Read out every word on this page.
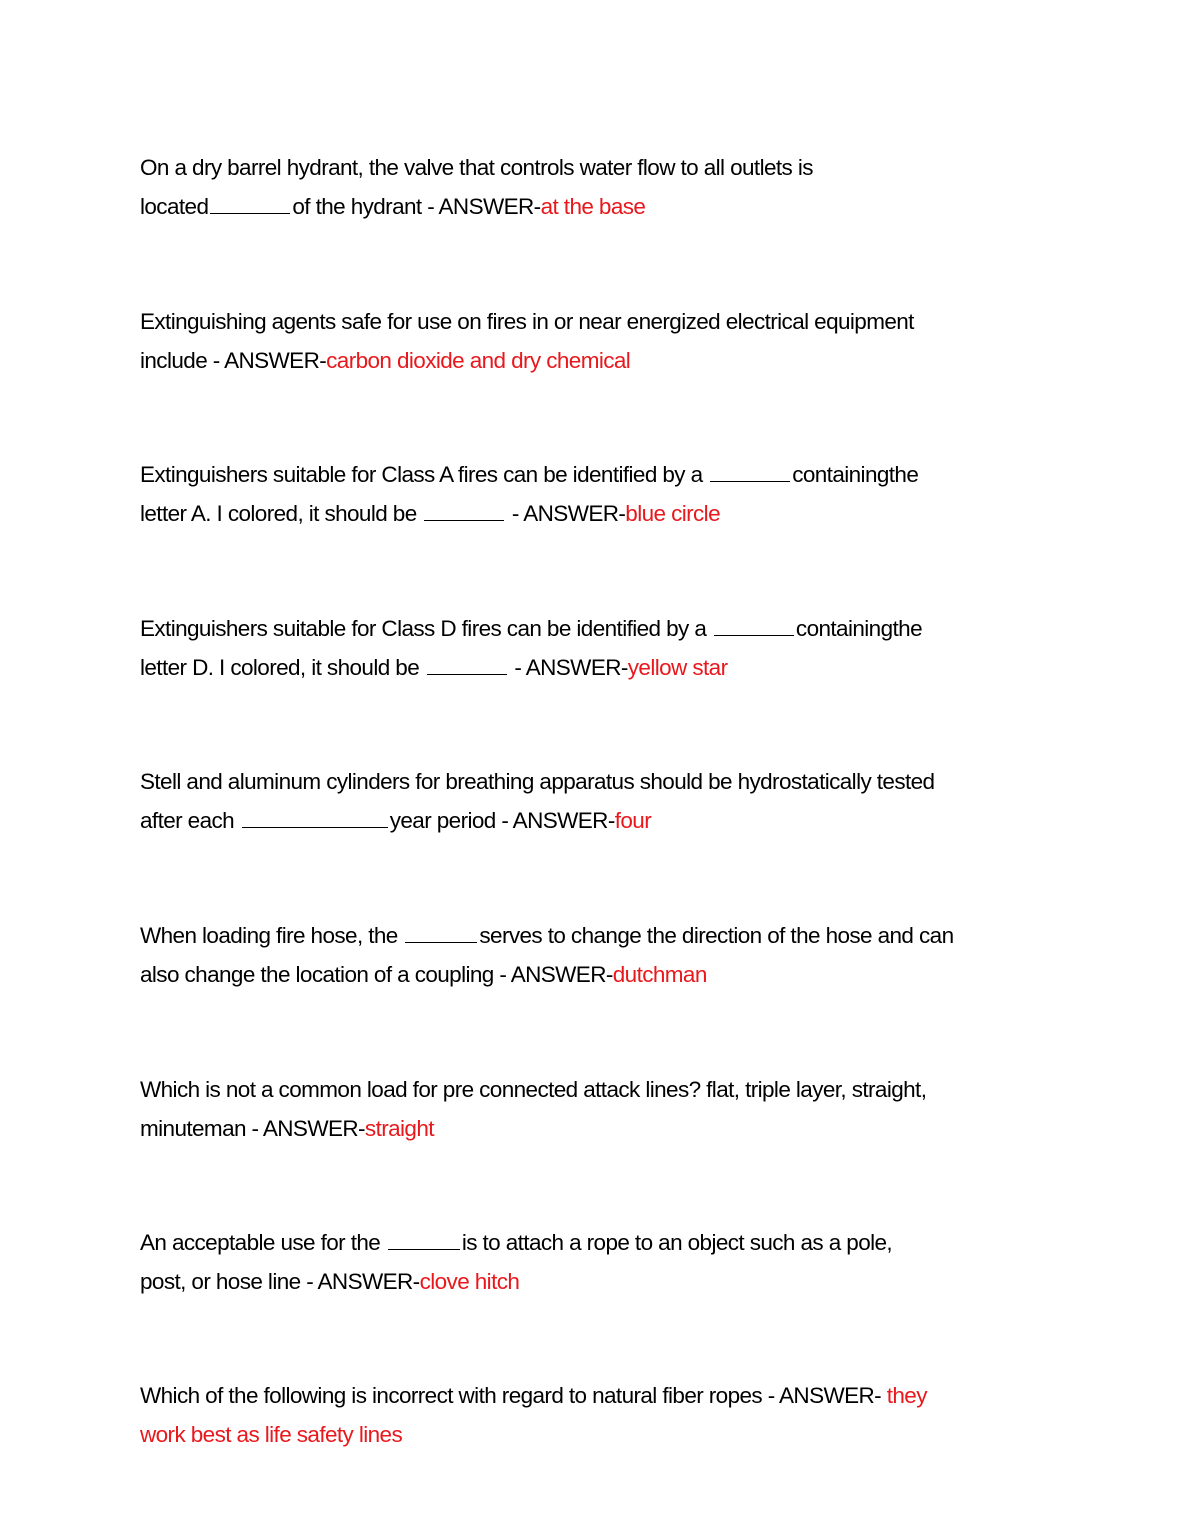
On a dry barrel hydrant, the valve that controls water flow to all outlets is
located	of the hydrant - ANSWER-at the base
Extinguishing agents safe for use on fires in or near energized electrical equipment
include - ANSWER-carbon dioxide and dry chemical
Extinguishers suitable for Class A fires can be identified by a	containingthe
letter A. I colored, it should be	- ANSWER-blue circle
Extinguishers suitable for Class D fires can be identified by a	containingthe
letter D. I colored, it should be	- ANSWER-yellow star
Stell and aluminum cylinders for breathing apparatus should be hydrostatically tested
after each	year period - ANSWER-four
When loading fire hose, the	serves to change the direction of the hose and can
also change the location of a coupling - ANSWER-dutchman
Which is not a common load for pre connected attack lines? flat, triple layer, straight,
minuteman - ANSWER-straight
An acceptable use for the	is to attach a rope to an object such as a pole,
post, or hose line - ANSWER-clove hitch
Which of the following is incorrect with regard to natural fiber ropes - ANSWER- they
work best as life safety lines
